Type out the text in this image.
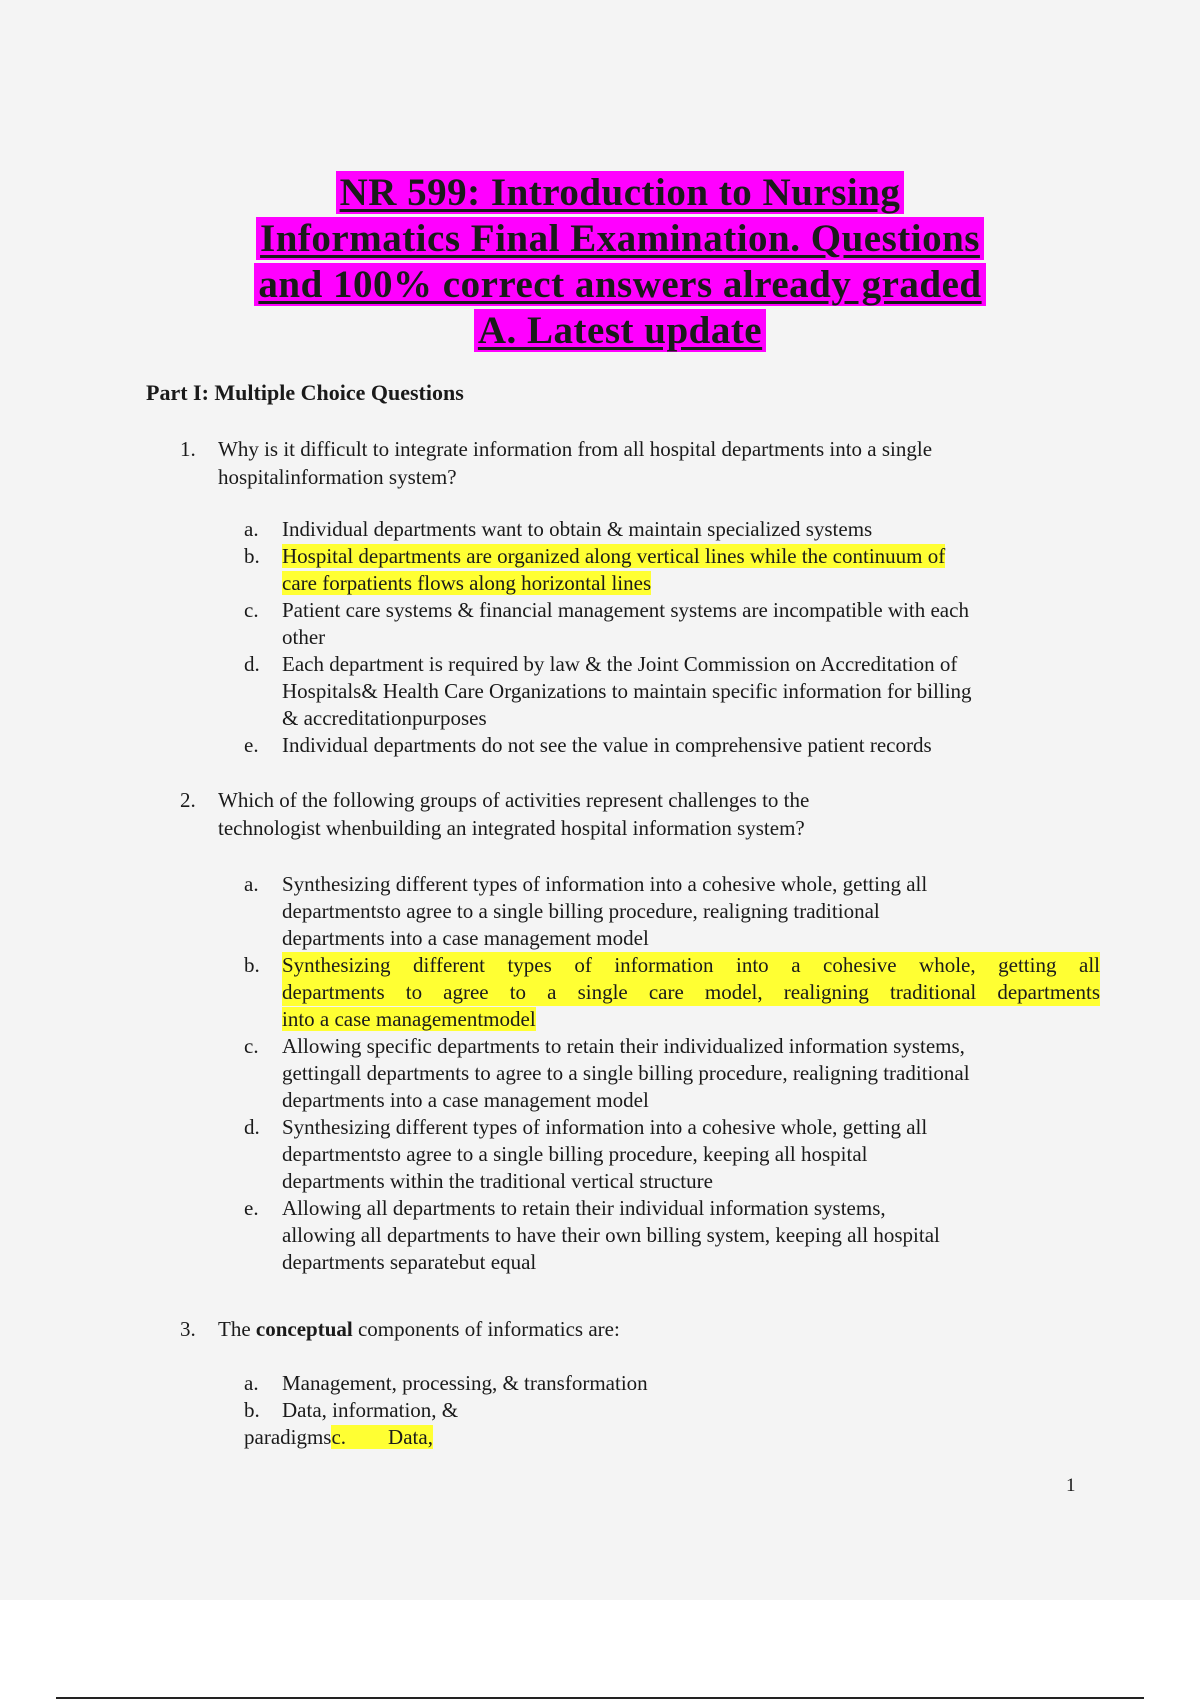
NR 599: Introduction to Nursing
Informatics Final Examination. Questions
and 100% correct answers already graded
A. Latest update
Part I: Multiple Choice Questions
1.	Why is it difficult to integrate information from all hospital departments into a single
hospitalinformation system?
a. Individual departments want to obtain & maintain specialized systems
b. Hospital departments are organized along vertical lines while the continuum of
care forpatients flows along horizontal lines
c. Patient care systems & financial management systems are incompatible with each
other
d. Each department is required by law & the Joint Commission on Accreditation of
Hospitals& Health Care Organizations to maintain specific information for billing
& accreditationpurposes
e. Individual departments do not see the value in comprehensive patient records
2.	Which of the following groups of activities represent challenges to the
technologist whenbuilding an integrated hospital information system?
a. Synthesizing different types of information into a cohesive whole, getting all
departmentsto agree to a single billing procedure, realigning traditional
departments into a case management model
b. Synthesizing different types of information into a cohesive whole, getting all
departments to agree to a single care model, realigning traditional departments
into a case managementmodel
c. Allowing specific departments to retain their individualized information systems,
gettingall departments to agree to a single billing procedure, realigning traditional
departments into a case management model
d. Synthesizing different types of information into a cohesive whole, getting all
departmentsto agree to a single billing procedure, keeping all hospital
departments within the traditional vertical structure
e. Allowing all departments to retain their individual information systems,
allowing all departments to have their own billing system, keeping all hospital
departments separatebut equal
3.	The conceptual components of informatics are:
a. Management, processing, & transformation
b. Data, information, &
paradigmsc.        Data,
1
